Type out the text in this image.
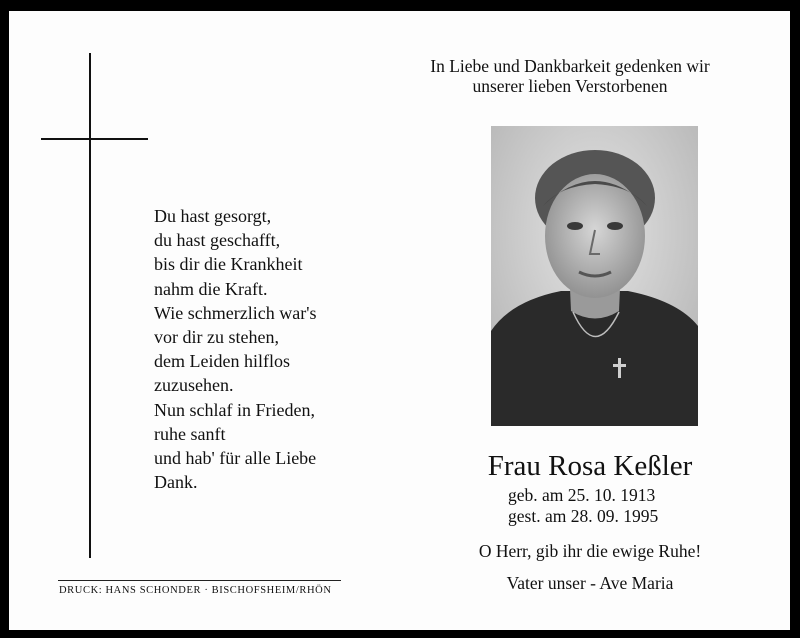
Du hast gesorgt,
du hast geschafft,
bis dir die Krankheit
nahm die Kraft.
Wie schmerzlich war's
vor dir zu stehen,
dem Leiden hilflos
zuzusehen.
Nun schlaf in Frieden,
ruhe sanft
und hab' für alle Liebe
Dank.
DRUCK: HANS SCHONDER · BISCHOFSHEIM/RHÖN
In Liebe und Dankbarkeit gedenken wir
unserer lieben Verstorbenen
Frau Rosa Keßler
geb. am 25. 10. 1913
gest. am 28. 09. 1995
O Herr, gib ihr die ewige Ruhe!
Vater unser - Ave Maria
